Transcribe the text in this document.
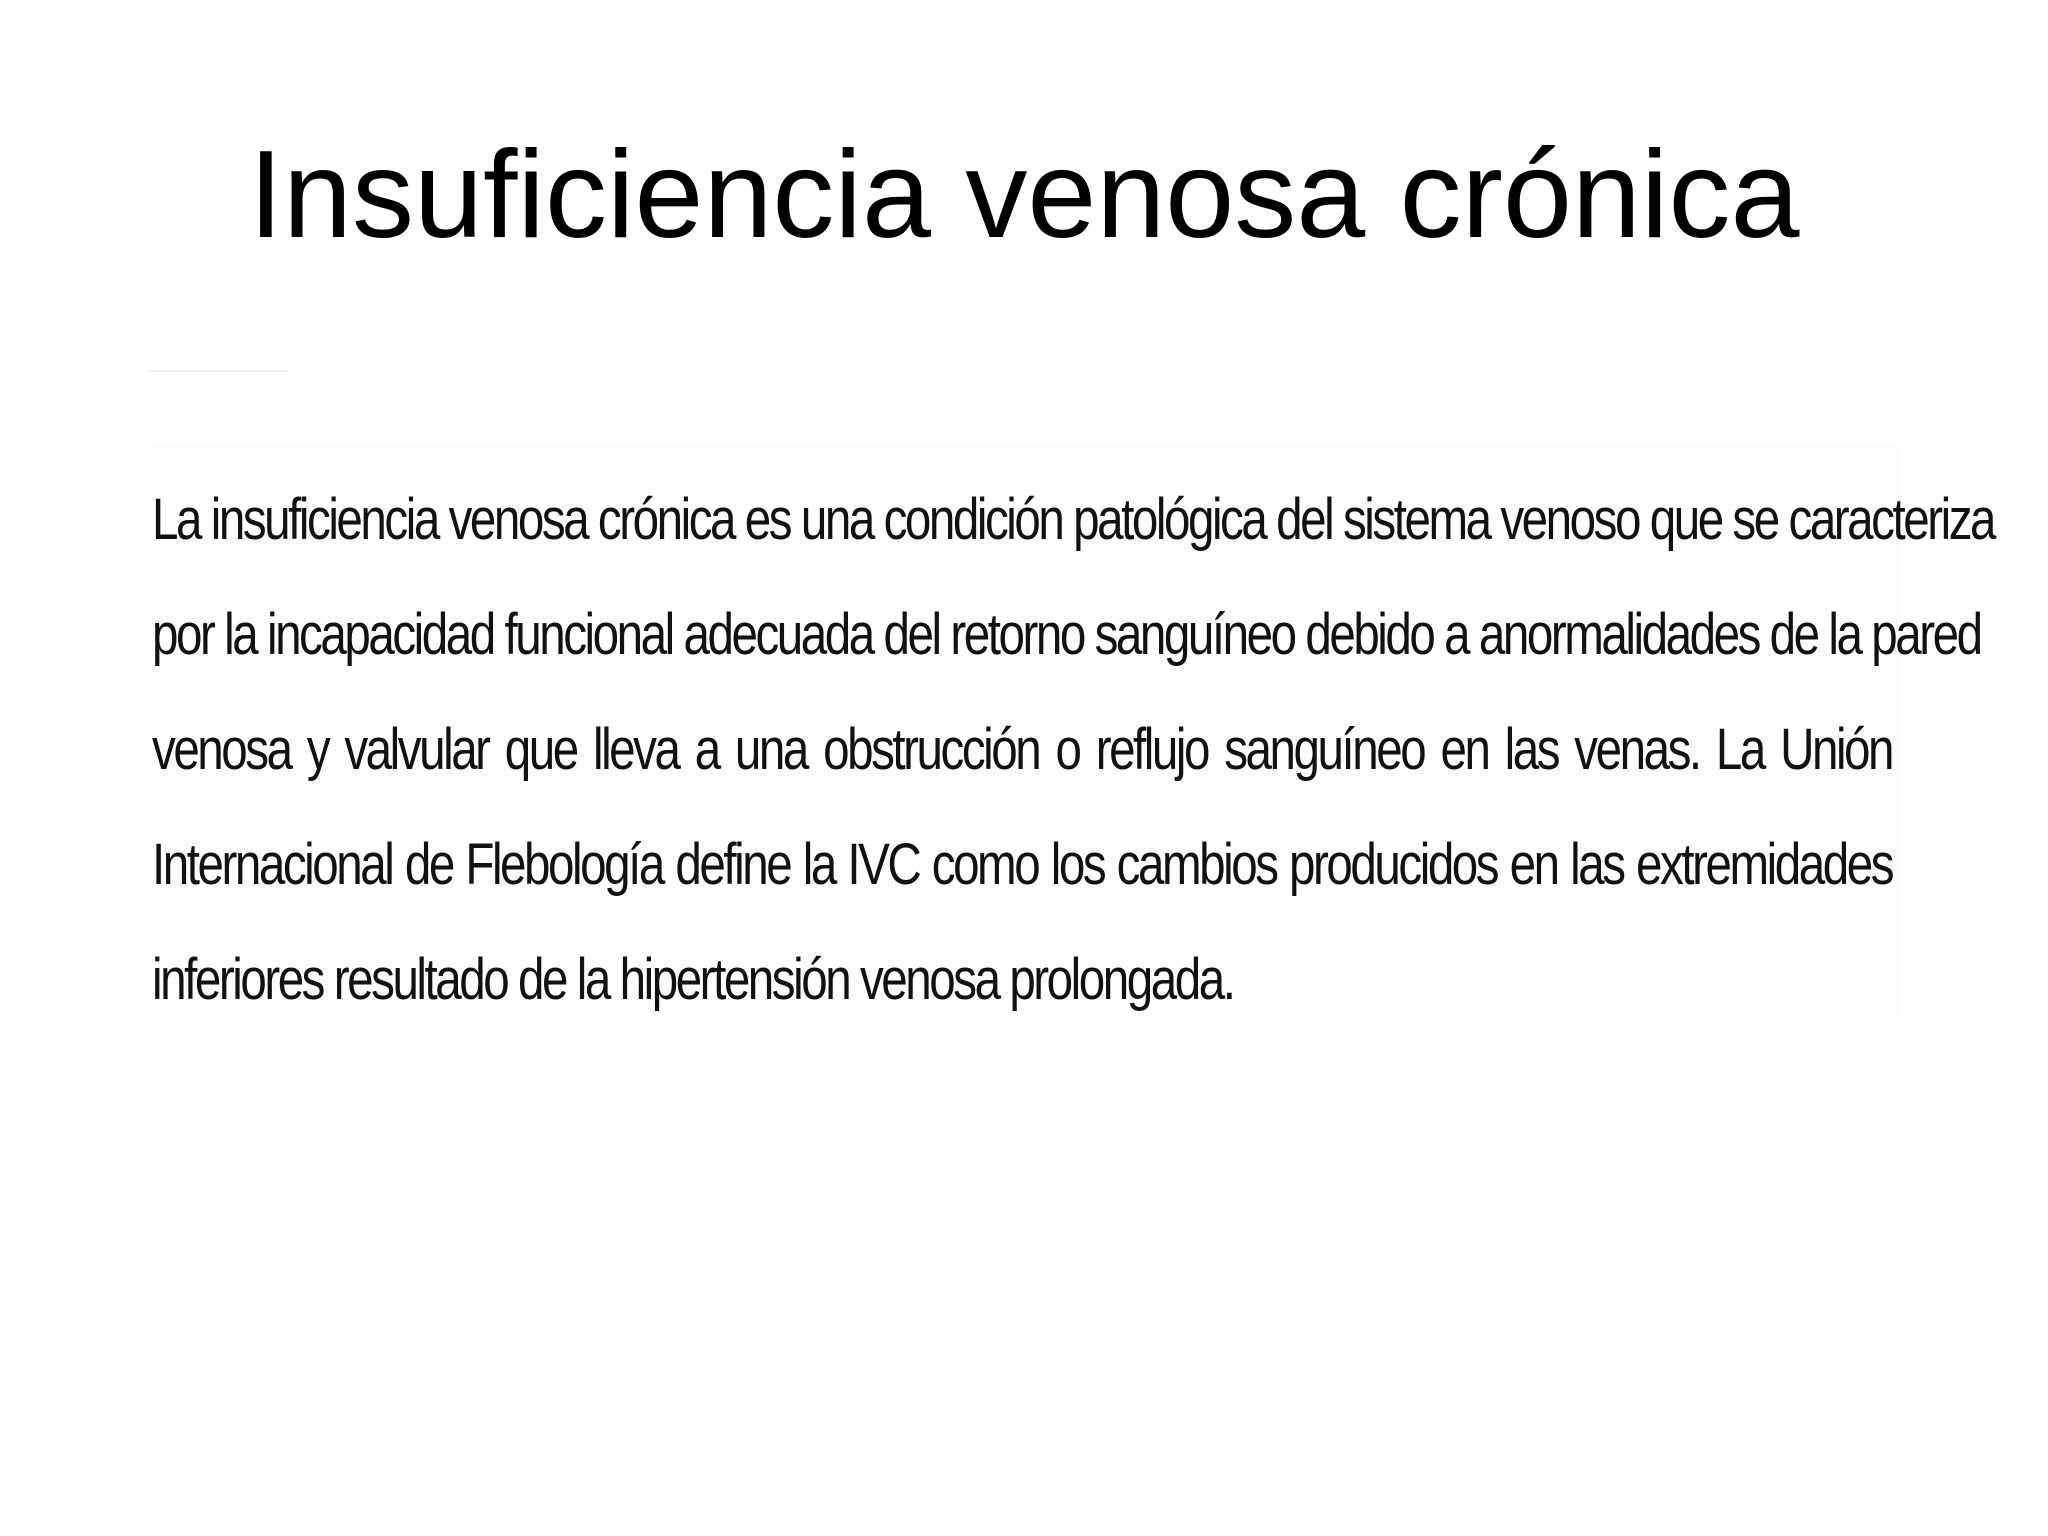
Insuficiencia venosa crónica

La insuficiencia venosa crónica es una condición patológica del sistema venoso que se caracteriza
por la incapacidad funcional adecuada del retorno sanguíneo debido a anormalidades de la pared
venosa y valvular que lleva a una obstrucción o reflujo sanguíneo en las venas. La Unión
Internacional de Flebología define la IVC como los cambios producidos en las extremidades
inferiores resultado de la hipertensión venosa prolongada.
